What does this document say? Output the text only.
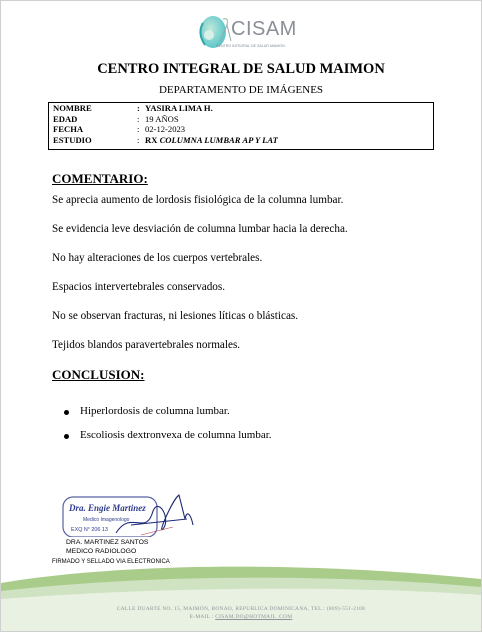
CISAM
CENTRO INTEGRAL DE SALUD MAIMON
CENTRO INTEGRAL DE SALUD MAIMON
DEPARTAMENTO DE IMÁGENES
NOMBRE	: YASIRA LIMA H.
EDAD	: 19 AÑOS
FECHA	: 02-12-2023
ESTUDIO	: RX COLUMNA LUMBAR AP Y LAT
COMENTARIO:
Se aprecia aumento de lordosis fisiológica de la columna lumbar.
Se evidencia leve desviación de columna lumbar hacia la derecha.
No hay alteraciones de los cuerpos vertebrales.
Espacios intervertebrales conservados.
No se observan fracturas, ni lesiones líticas o blásticas.
Tejidos blandos paravertebrales normales.
CONCLUSION:
Hiperlordosis de columna lumbar.
Escoliosis dextronvexa de columna lumbar.
Dra. Engie Martinez
Medico Imagenologo
EXQ N° 206 13
DRA. MARTINEZ SANTOS
MEDICO RADIOLOGO
FIRMADO Y SELLADO VIA ELECTRONICA
CALLE DUARTE NO. 15, MAIMÓN, BONAO, REPUBLICA DOMINICANA, TEL.: (809)-551-2108
E-MAIL : CISAM.DO@HOTMAIL .COM
